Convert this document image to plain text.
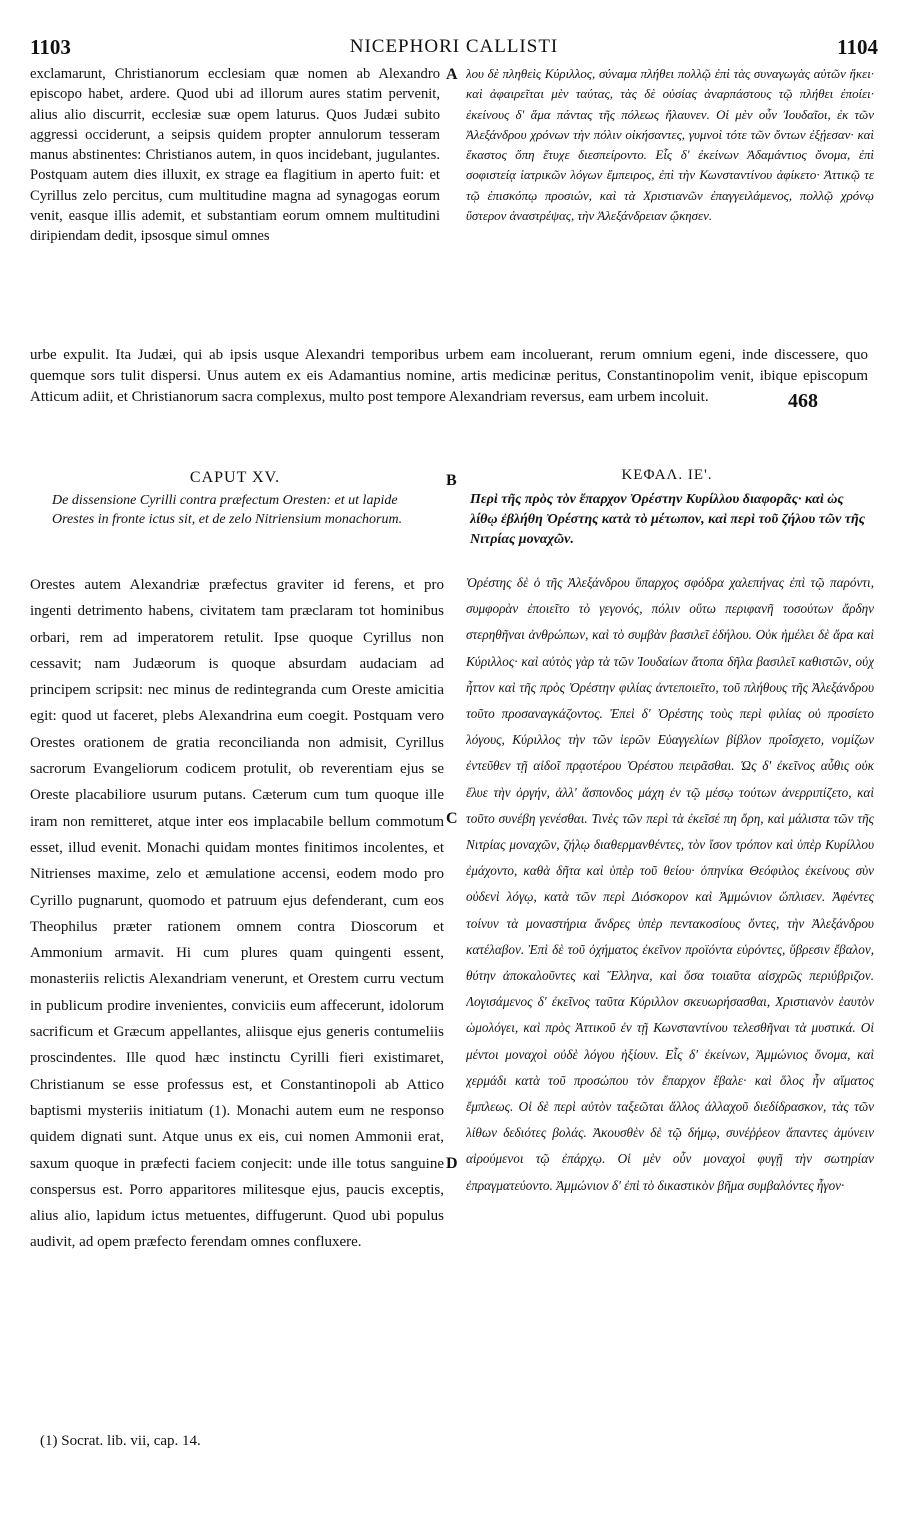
1103	NICEPHORI CALLISTI	1104
exclamarunt, Christianorum ecclesiam quæ nomen ab Alexandro episcopo habet, ardere. Quod ubi ad illorum aures statim pervenit, alius alio discurrit, ecclesiæ suæ opem laturus. Quos Judæi subito aggressi occiderunt, a seipsis quidem propter annulorum tesseram manus abstinentes: Christianos autem, in quos incidebant, jugulantes. Postquam autem dies illuxit, ex strage ea flagitium in aperto fuit: et Cyrillus zelo percitus, cum multitudine magna ad synagogas eorum venit, easque illis ademit, et substantiam eorum omnem multitudini diripiendam dedit, ipsosque simul omnes
A λου δὲ πληθεὶς Κύριλλος, σύναμα πλήθει πολλῷ ἐπὶ τὰς συναγωγὰς αὐτῶν ἥκει· καὶ ἀφαιρεῖται μὲν ταύτας, τὰς δὲ οὐσίας ἀναρπάστους τῷ πλήθει ἐποίει· ἐκείνους δ' ἅμα πάντας τῆς πόλεως ἤλαυνεν. Οἱ μὲν οὖν Ἰουδαῖοι, ἐκ τῶν Ἀλεξάνδρου χρόνων τὴν πόλιν οἰκήσαντες, γυμνοὶ τότε τῶν ὄντων ἐξῄεσαν· καὶ ἕκαστος ὅπη ἔτυχε διεσπείροντο. Εἷς δ' ἐκείνων Ἀδαμάντιος ὄνομα, ἐπὶ σοφιστείᾳ ἰατρικῶν λόγων ἔμπειρος, ἐπὶ τὴν Κωνσταντίνου ἀφίκετο· Ἀττικῷ τε τῷ ἐπισκόπῳ προσιών, καὶ τὰ Χριστιανῶν ἐπαγγειλάμενος, πολλῷ χρόνῳ ὕστερον ἀναστρέψας, τὴν Ἀλεξάνδρειαν ᾤκησεν.
urbe expulit. Ita Judæi, qui ab ipsis usque Alexandri temporibus urbem eam incoluerant, rerum omnium egeni, inde discessere, quo quemque sors tulit dispersi. Unus autem ex eis Adamantius nomine, artis medicinæ peritus, Constantinopolim venit, ibique episcopum Atticum adiit, et Christianorum sacra complexus, multo post tempore Alexandriam reversus, eam urbem incoluit.	468
CAPUT XV.	B	ΚΕΦΑΛ. ΙΕ'.
De dissensione Cyrilli contra præfectum Oresten: et ut lapide Orestes in fronte ictus sit, et de zelo Nitriensium monachorum.
Περὶ τῆς πρὸς τὸν ἔπαρχον Ὀρέστην Κυρίλλου διαφορᾶς· καὶ ὡς λίθῳ ἐβλήθη Ὀρέστης κατὰ τὸ μέτωπον, καὶ περὶ τοῦ ζήλου τῶν τῆς Νιτρίας μοναχῶν.
Orestes autem Alexandriæ præfectus graviter id ferens, et pro ingenti detrimento habens, civitatem tam præclaram tot hominibus orbari, rem ad imperatorem retulit. Ipse quoque Cyrillus non cessavit; nam Judæorum is quoque absurdam audaciam ad principem scripsit: nec minus de redintegranda cum Oreste amicitia egit: quod ut faceret, plebs Alexandrina eum coegit. Postquam vero Orestes orationem de gratia reconcilianda non admisit, Cyrillus sacrorum Evangeliorum codicem protulit, ob reverentiam ejus se Oreste placabiliore usurum putans. Cæterum cum tum quoque ille iram non remitteret, atque inter eos implacabile bellum commotum esset, illud evenit. Monachi quidam montes finitimos incolentes, et Nitrienses maxime, zelo et æmulatione accensi, eodem modo pro Cyrillo pugnarunt, quomodo et patruum ejus defenderant, cum eos Theophilus præter rationem omnem contra Dioscorum et Ammonium armavit. Hi cum plures quam quingenti essent, monasteriis relictis Alexandriam venerunt, et Orestem curru vectum in publicum prodire invenientes, conviciis eum affecerunt, idolorum sacrificum et Græcum appellantes, aliisque ejus generis contumeliis proscindentes. Ille quod hæc instinctu Cyrilli fieri existimaret, Christianum se esse professus est, et Constantinopoli ab Attico baptismi mysteriis initiatum (1). Monachi autem eum ne responso quidem dignati sunt. Atque unus ex eis, cui nomen Ammonii erat, saxum quoque in præfecti faciem conjecit: unde ille totus sanguine conspersus est. Porro apparitores militesque ejus, paucis exceptis, alius alio, lapidum ictus metuentes, diffugerunt. Quod ubi populus audivit, ad opem præfecto ferendam omnes confluxere.
C
D
Ὀρέστης δὲ ὁ τῆς Ἀλεξάνδρου ὕπαρχος σφόδρα χαλεπήνας ἐπὶ τῷ παρόντι, συμφορὰν ἐποιεῖτο τὸ γεγονός, πόλιν οὕτω περιφανῆ τοσούτων ἄρδην στερηθῆναι ἀνθρώπων, καὶ τὸ συμβὰν βασιλεῖ ἐδήλου. Οὐκ ἠμέλει δὲ ἄρα καὶ Κύριλλος· καὶ αὐτὸς γὰρ τὰ τῶν Ἰουδαίων ἄτοπα δῆλα βασιλεῖ καθιστῶν, οὐχ ἧττον καὶ τῆς πρὸς Ὀρέστην φιλίας ἀντεποιεῖτο, τοῦ πλήθους τῆς Ἀλεξάνδρου τοῦτο προσαναγκάζοντος. Ἐπεὶ δ' Ὀρέστης τοὺς περὶ φιλίας οὐ προσίετο λόγους, Κύριλλος τὴν τῶν ἱερῶν Εὐαγγελίων βίβλον προΐσχετο, νομίζων ἐντεῦθεν τῇ αἰδοῖ πρᾳοτέρου Ὀρέστου πειρᾶσθαι. Ὡς δ' ἐκεῖνος αὖθις οὐκ ἔλυε τὴν ὀργήν, ἀλλ' ἄσπονδος μάχη ἐν τῷ μέσῳ τούτων ἀνερριπίζετο, καὶ τοῦτο συνέβη γενέσθαι. Τινὲς τῶν περὶ τὰ ἐκεῖσέ πη ὄρη, καὶ μάλιστα τῶν τῆς Νιτρίας μοναχῶν, ζήλῳ διαθερμανθέντες, τὸν ἴσον τρόπον καὶ ὑπὲρ Κυρίλλου ἐμάχοντο, καθὰ δῆτα καὶ ὑπὲρ τοῦ θείου· ὁπηνίκα Θεόφιλος ἐκείνους σὺν οὐδενὶ λόγῳ, κατὰ τῶν περὶ Διόσκορον καὶ Ἀμμώνιον ὥπλισεν. Ἀφέντες τοίνυν τὰ μοναστήρια ἄνδρες ὑπὲρ πεντακοσίους ὄντες, τὴν Ἀλεξάνδρου κατέλαβον. Ἐπὶ δὲ τοῦ ὀχήματος ἐκεῖνον προϊόντα εὑρόντες, ὕβρεσιν ἔβαλον, θύτην ἀποκαλοῦντες καὶ Ἕλληνα, καὶ ὅσα τοιαῦτα αἰσχρῶς περιύβριζον. Λογισάμενος δ' ἐκεῖνος ταῦτα Κύριλλον σκευωρήσασθαι, Χριστιανὸν ἑαυτὸν ὡμολόγει, καὶ πρὸς Ἀττικοῦ ἐν τῇ Κωνσταντίνου τελεσθῆναι τὰ μυστικά. Οἱ μέντοι μοναχοὶ οὐδὲ λόγου ἠξίουν. Εἷς δ' ἐκείνων, Ἀμμώνιος ὄνομα, καὶ χερμάδι κατὰ τοῦ προσώπου τὸν ἔπαρχον ἔβαλε· καὶ ὅλος ἦν αἵματος ἔμπλεως. Οἱ δὲ περὶ αὐτὸν ταξεῶται ἄλλος ἀλλαχοῦ διεδίδρασκον, τὰς τῶν λίθων δεδιότες βολάς. Ἀκουσθὲν δὲ τῷ δήμῳ, συνέῤῥεον ἅπαντες ἀμύνειν αἱρούμενοι τῷ ἐπάρχῳ. Οἱ μὲν οὖν μοναχοὶ φυγῇ τὴν σωτηρίαν ἐπραγματεύοντο. Ἀμμώνιον δ' ἐπὶ τὸ δικαστικὸν βῆμα συμβαλόντες ἦγον·
(1) Socrat. lib. vii, cap. 14.
